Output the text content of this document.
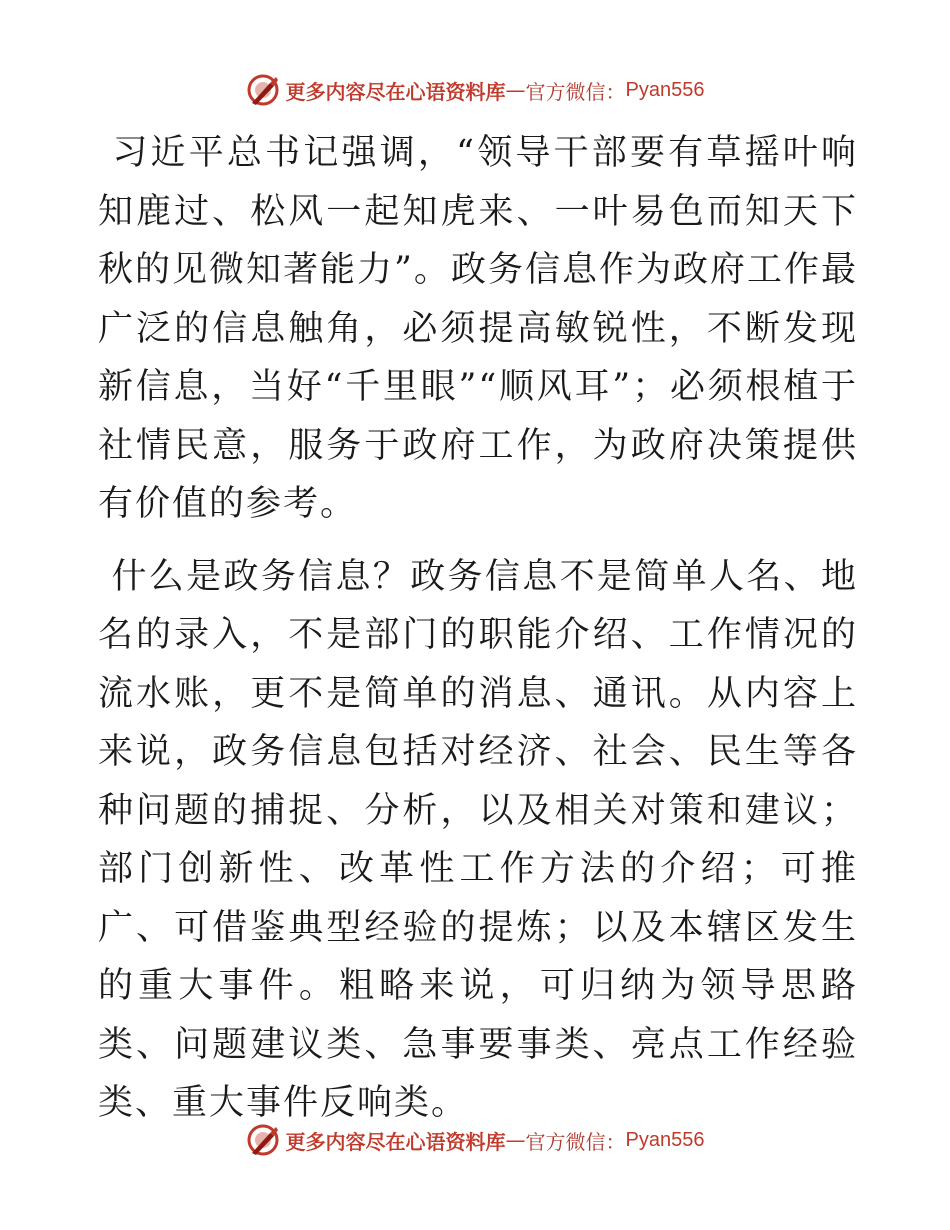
更多内容尽在心语资料库 — 官方微信： Pyan556

习近平总书记强调，“领导干部要有草摇叶响知鹿过、松风一起知虎来、一叶易色而知天下秋的见微知著能力”。政务信息作为政府工作最广泛的信息触角，必须提高敏锐性，不断发现新信息，当好“千里眼”“顺风耳”；必须根植于社情民意，服务于政府工作，为政府决策提供有价值的参考。

什么是政务信息？政务信息不是简单人名、地名的录入，不是部门的职能介绍、工作情况的流水账，更不是简单的消息、通讯。从内容上来说，政务信息包括对经济、社会、民生等各种问题的捕捉、分析，以及相关对策和建议；部门创新性、改革性工作方法的介绍；可推广、可借鉴典型经验的提炼；以及本辖区发生的重大事件。粗略来说，可归纳为领导思路类、问题建议类、急事要事类、亮点工作经验类、重大事件反响类。

更多内容尽在心语资料库 — 官方微信： Pyan556
